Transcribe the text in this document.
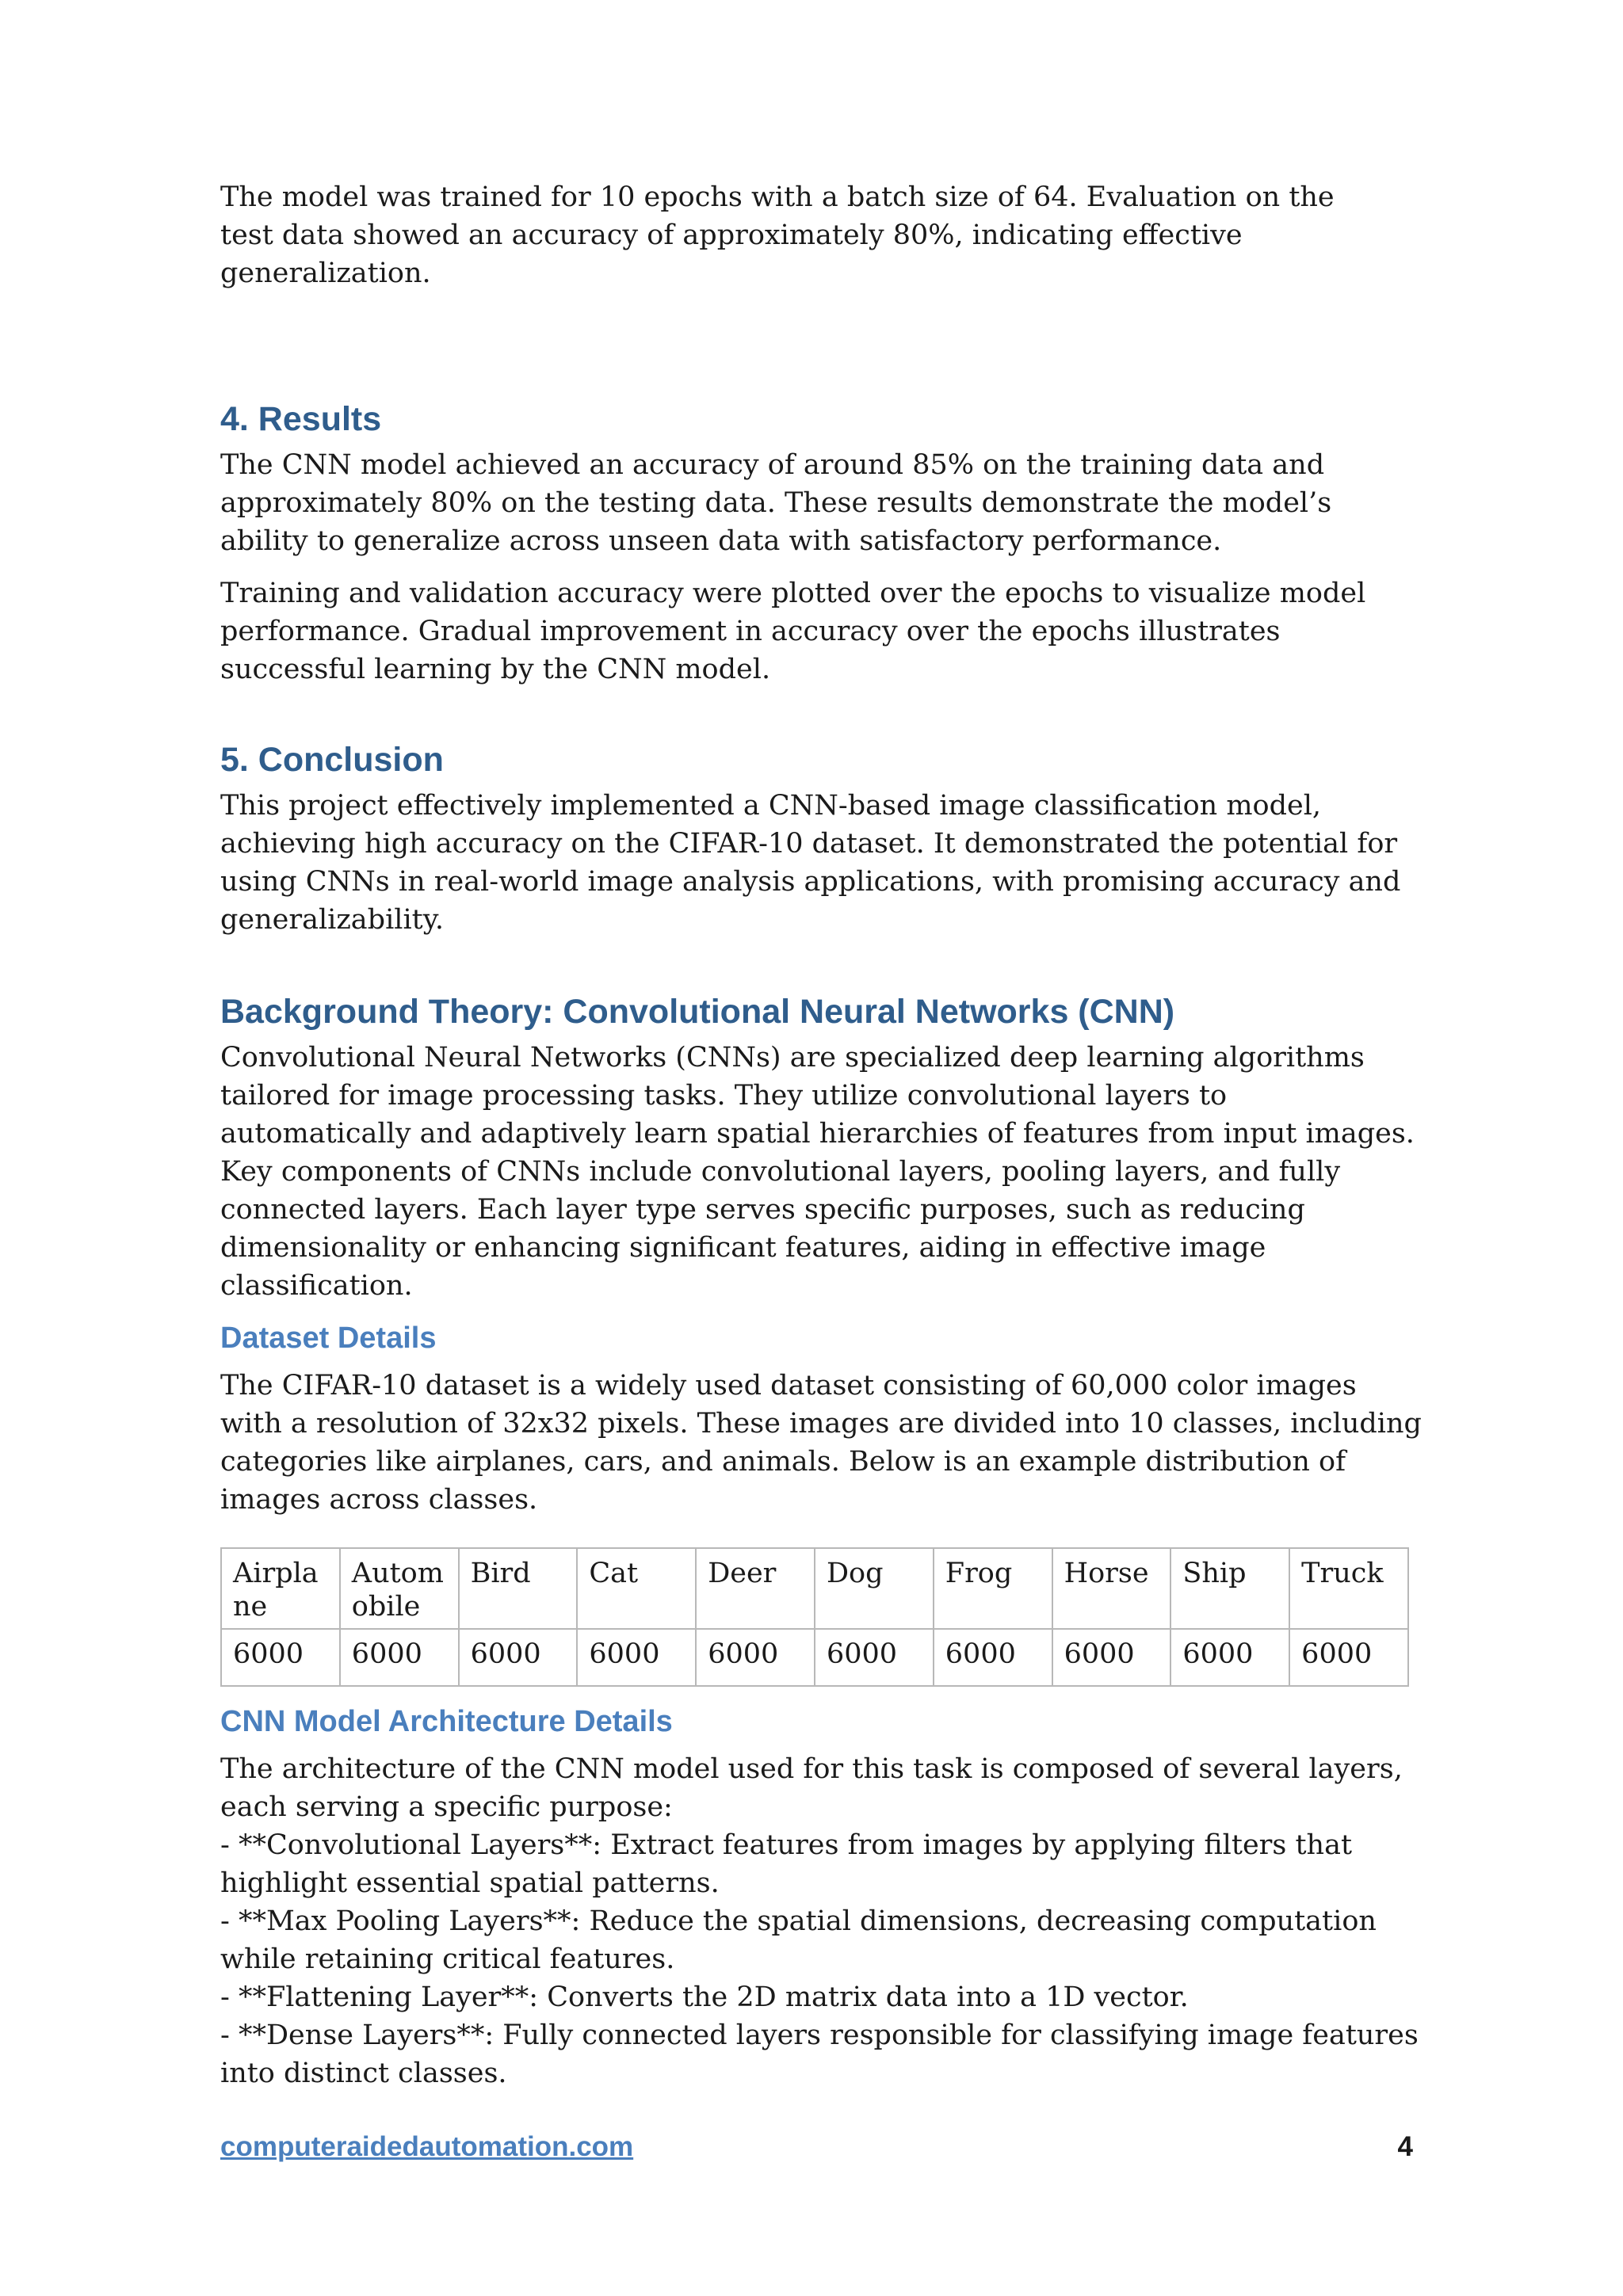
The model was trained for 10 epochs with a batch size of 64. Evaluation on the test data showed an accuracy of approximately 80%, indicating effective generalization.

4. Results

The CNN model achieved an accuracy of around 85% on the training data and approximately 80% on the testing data. These results demonstrate the model’s ability to generalize across unseen data with satisfactory performance.

Training and validation accuracy were plotted over the epochs to visualize model performance. Gradual improvement in accuracy over the epochs illustrates successful learning by the CNN model.

5. Conclusion

This project effectively implemented a CNN-based image classification model, achieving high accuracy on the CIFAR-10 dataset. It demonstrated the potential for using CNNs in real-world image analysis applications, with promising accuracy and generalizability.

Background Theory: Convolutional Neural Networks (CNN)

Convolutional Neural Networks (CNNs) are specialized deep learning algorithms tailored for image processing tasks. They utilize convolutional layers to automatically and adaptively learn spatial hierarchies of features from input images. Key components of CNNs include convolutional layers, pooling layers, and fully connected layers. Each layer type serves specific purposes, such as reducing dimensionality or enhancing significant features, aiding in effective image classification.

Dataset Details

The CIFAR-10 dataset is a widely used dataset consisting of 60,000 color images with a resolution of 32x32 pixels. These images are divided into 10 classes, including categories like airplanes, cars, and animals. Below is an example distribution of images across classes.

Airplane	Automobile	Bird	Cat	Deer	Dog	Frog	Horse	Ship	Truck
6000	6000	6000	6000	6000	6000	6000	6000	6000	6000
CNN Model Architecture Details
The architecture of the CNN model used for this task is composed of several layers, each serving a specific purpose:
- **Convolutional Layers**: Extract features from images by applying filters that highlight essential spatial patterns.
- **Max Pooling Layers**: Reduce the spatial dimensions, decreasing computation while retaining critical features.
- **Flattening Layer**: Converts the 2D matrix data into a 1D vector.
- **Dense Layers**: Fully connected layers responsible for classifying image features into distinct classes.
computeraidedautomation.com	4
